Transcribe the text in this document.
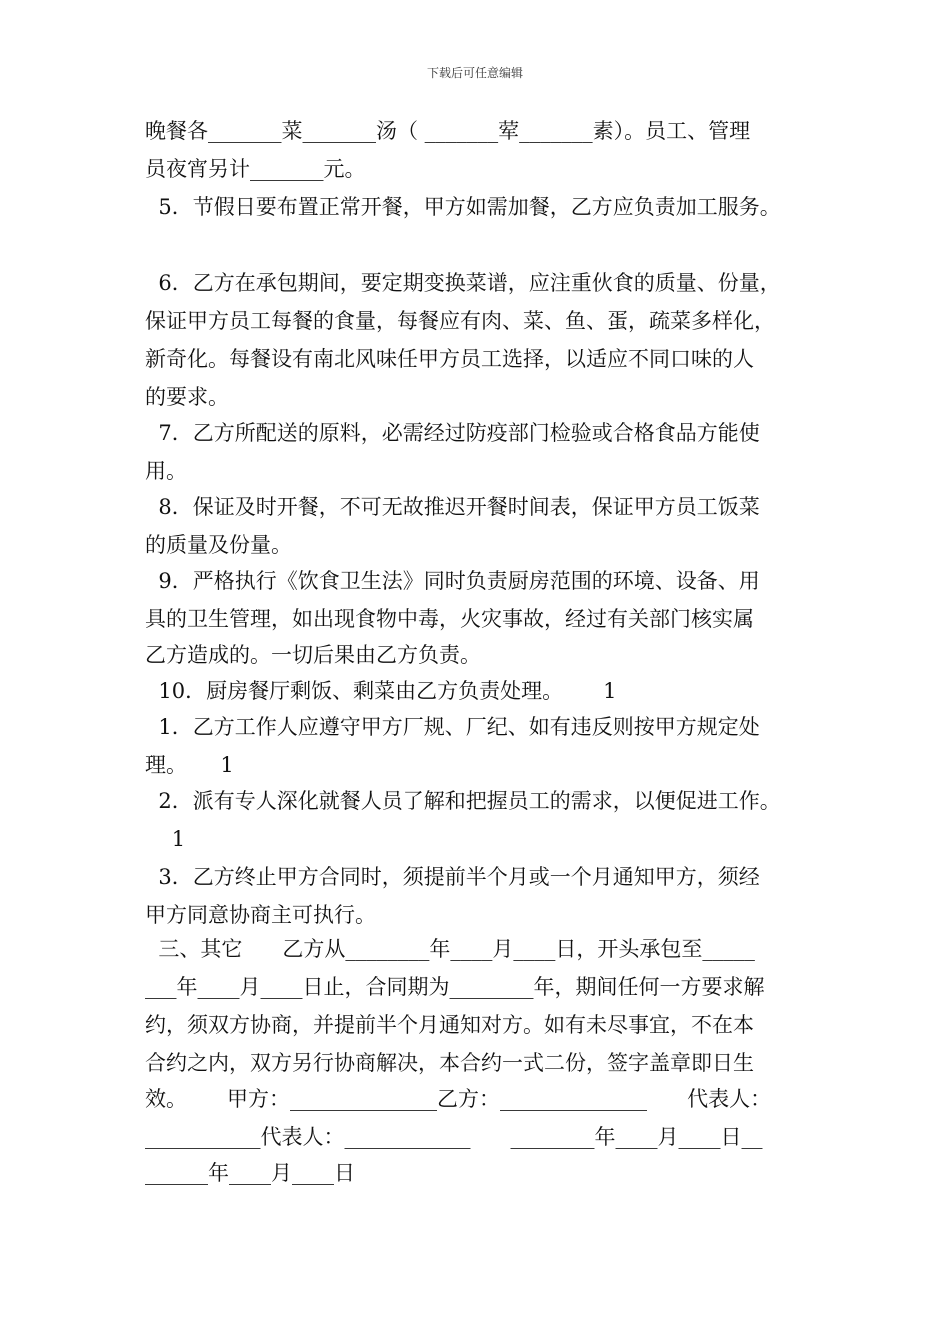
下载后可任意编辑
晚餐各_______菜_______汤（ _______荤_______素）。员工、管理
员夜宵另计_______元。
5．节假日要布置正常开餐，甲方如需加餐，乙方应负责加工服务。
6．乙方在承包期间，要定期变换菜谱，应注重伙食的质量、份量，
保证甲方员工每餐的食量，每餐应有肉、菜、鱼、蛋，疏菜多样化，
新奇化。每餐设有南北风味任甲方员工选择，以适应不同口味的人
的要求。
7．乙方所配送的原料，必需经过防疫部门检验或合格食品方能使
用。
8．保证及时开餐，不可无故推迟开餐时间表，保证甲方员工饭菜
的质量及份量。
9．严格执行《饮食卫生法》同时负责厨房范围的环境、设备、用
具的卫生管理，如出现食物中毒，火灾事故，经过有关部门核实属
乙方造成的。一切后果由乙方负责。
10．厨房餐厅剩饭、剩菜由乙方负责处理。      1
1．乙方工作人应遵守甲方厂规、厂纪、如有违反则按甲方规定处
理。     1
2．派有专人深化就餐人员了解和把握员工的需求，以便促进工作。
1
3．乙方终止甲方合同时，须提前半个月或一个月通知甲方，须经
甲方同意协商主可执行。
三、其它      乙方从________年____月____日，开头承包至_____
___年____月____日止，合同期为________年，期间任何一方要求解
约，须双方协商，并提前半个月通知对方。如有未尽事宜，不在本
合约之内，双方另行协商解决，本合约一式二份，签字盖章即日生
效。      甲方：______________乙方：______________      代表人：
___________代表人：____________      ________年____月____日__
______年____月____日
